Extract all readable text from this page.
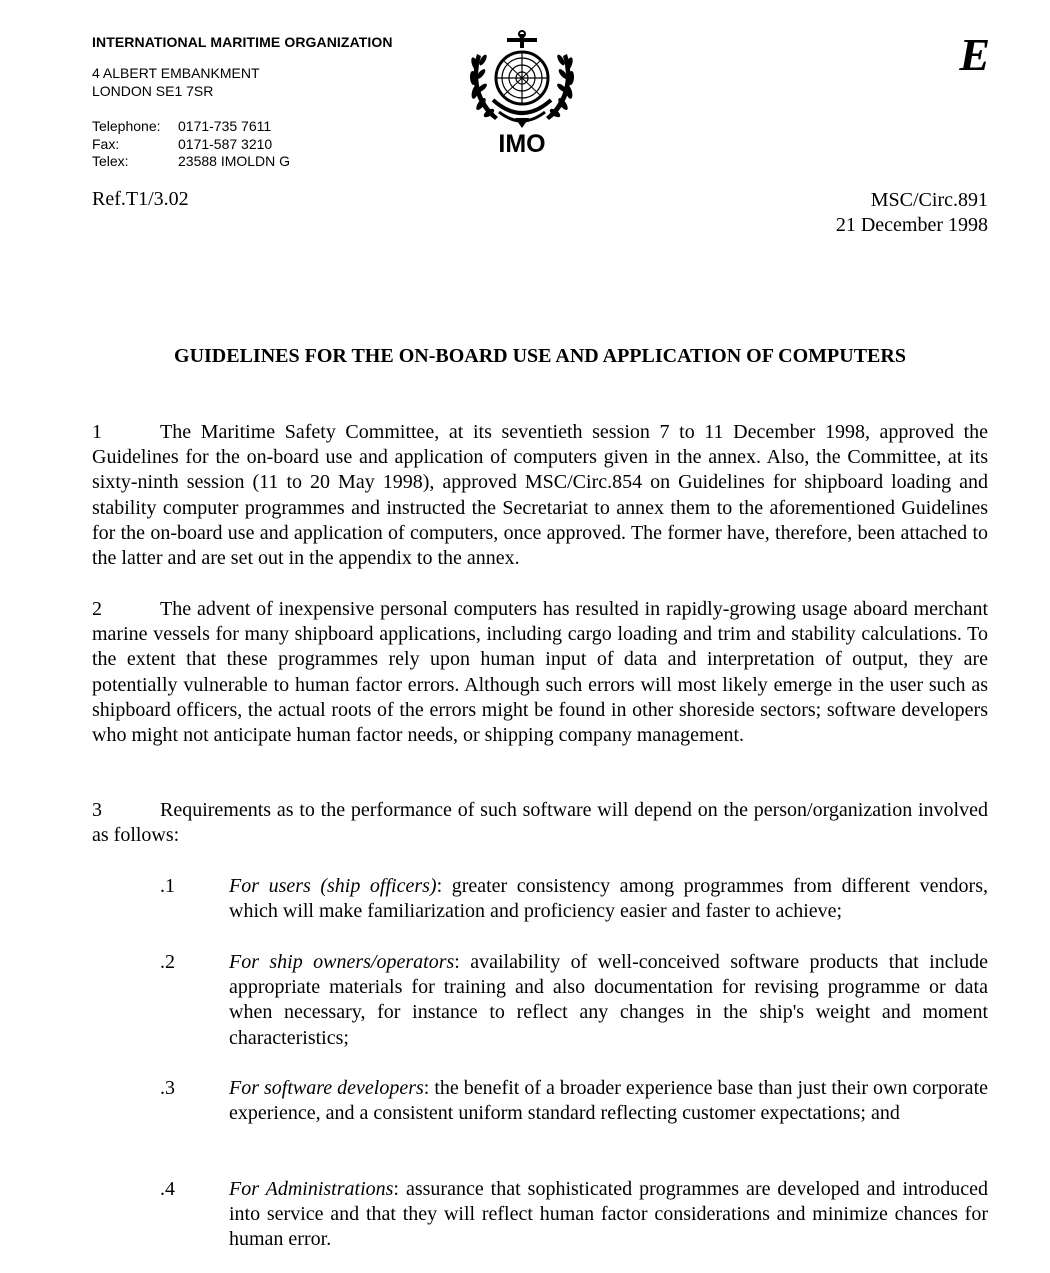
INTERNATIONAL MARITIME ORGANIZATION
4 ALBERT EMBANKMENT
LONDON SE1 7SR
Telephone:	0171-735 7611
Fax:	0171-587 3210
Telex:	23588 IMOLDN G
IMO
E
Ref.T1/3.02	MSC/Circ.891
21 December 1998
GUIDELINES FOR THE ON-BOARD USE AND APPLICATION OF COMPUTERS

1	The Maritime Safety Committee, at its seventieth session 7 to 11 December 1998, approved the Guidelines for the on-board use and application of computers given in the annex. Also, the Committee, at its sixty-ninth session (11 to 20 May 1998), approved MSC/Circ.854 on Guidelines for shipboard loading and stability computer programmes and instructed the Secretariat to annex them to the aforementioned Guidelines for the on-board use and application of computers, once approved. The former have, therefore, been attached to the latter and are set out in the appendix to the annex.

2	The advent of inexpensive personal computers has resulted in rapidly-growing usage aboard merchant marine vessels for many shipboard applications, including cargo loading and trim and stability calculations. To the extent that these programmes rely upon human input of data and interpretation of output, they are potentially vulnerable to human factor errors. Although such errors will most likely emerge in the user such as shipboard officers, the actual roots of the errors might be found in other shoreside sectors; software developers who might not anticipate human factor needs, or shipping company management.

3	Requirements as to the performance of such software will depend on the person/organization involved as follows:

.1	For users (ship officers): greater consistency among programmes from different vendors, which will make familiarization and proficiency easier and faster to achieve;
.2	For ship owners/operators: availability of well-conceived software products that include appropriate materials for training and also documentation for revising programme or data when necessary, for instance to reflect any changes in the ship's weight and moment characteristics;
.3	For software developers: the benefit of a broader experience base than just their own corporate experience, and a consistent uniform standard reflecting customer expectations; and
.4	For Administrations: assurance that sophisticated programmes are developed and introduced into service and that they will reflect human factor considerations and minimize chances for human error.
